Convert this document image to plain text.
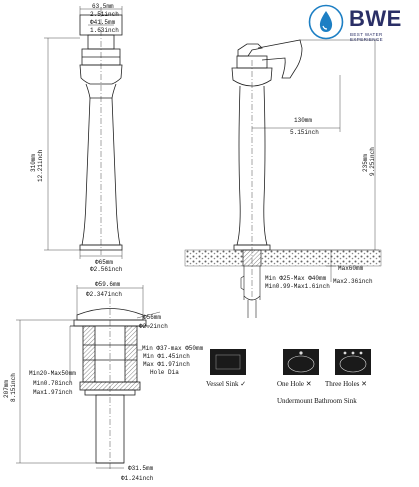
BWE
BEST WATER EXPERIENCE
63.5mm
2.51inch
Φ41.5mm
1.63inch
310mm 12.21inch
Φ65mm
Φ2.56inch
130mm
5.15inch
235mm 9.25inch
Min Φ25-Max Φ40mm
Min0.99-Max1.6inch
Max60mm
Max2.36inch
Φ59.6mm
Φ2.347inch
Φ56mm
Φ2.2inch
Min Φ37-max Φ50mm
Min Φ1.45inch
Max Φ1.97inch
Hole Dia
Min20-Max50mm
Min0.78inch
Max1.97inch
207mm 8.15inch
Φ31.5mm
Φ1.24inch
Vessel Sink ✓	One Hole ✕ Three Holes ✕
Undermount Bathroom Sink
